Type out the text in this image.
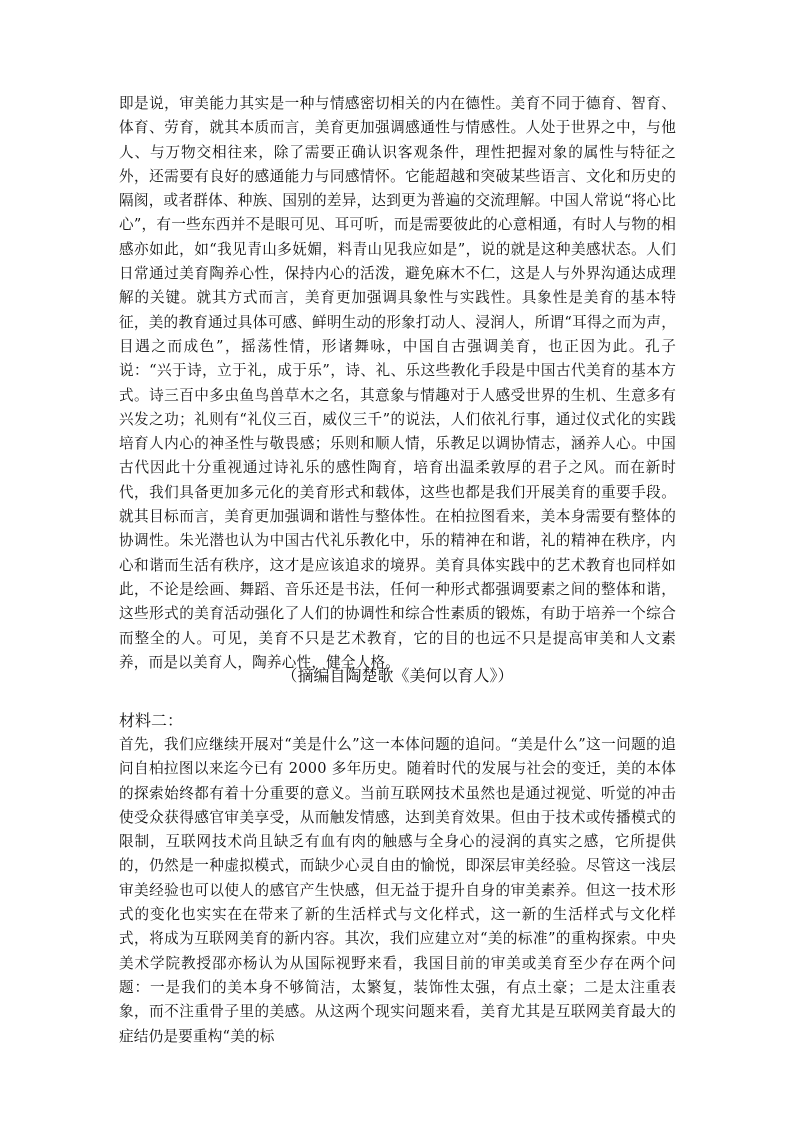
即是说，审美能力其实是一种与情感密切相关的内在德性。美育不同于德育、智育、体育、劳育，就其本质而言，美育更加强调感通性与情感性。人处于世界之中，与他人、与万物交相往来，除了需要正确认识客观条件，理性把握对象的属性与特征之外，还需要有良好的感通能力与同感情怀。它能超越和突破某些语言、文化和历史的隔阂，或者群体、种族、国别的差异，达到更为普遍的交流理解。中国人常说“将心比心”，有一些东西并不是眼可见、耳可听，而是需要彼此的心意相通，有时人与物的相感亦如此，如“我见青山多妩媚，料青山见我应如是”，说的就是这种美感状态。人们日常通过美育陶养心性，保持内心的活泼，避免麻木不仁，这是人与外界沟通达成理解的关键。就其方式而言，美育更加强调具象性与实践性。具象性是美育的基本特征，美的教育通过具体可感、鲜明生动的形象打动人、浸润人，所谓“耳得之而为声，目遇之而成色”，摇荡性情，形诸舞咏，中国自古强调美育，也正因为此。孔子说：“兴于诗，立于礼，成于乐”，诗、礼、乐这些教化手段是中国古代美育的基本方式。诗三百中多虫鱼鸟兽草木之名，其意象与情趣对于人感受世界的生机、生意多有兴发之功；礼则有“礼仪三百，威仪三千”的说法，人们依礼行事，通过仪式化的实践培育人内心的神圣性与敬畏感；乐则和顺人情，乐教足以调协情志，涵养人心。中国古代因此十分重视通过诗礼乐的感性陶育，培育出温柔敦厚的君子之风。而在新时代，我们具备更加多元化的美育形式和载体，这些也都是我们开展美育的重要手段。就其目标而言，美育更加强调和谐性与整体性。在柏拉图看来，美本身需要有整体的协调性。朱光潜也认为中国古代礼乐教化中，乐的精神在和谐，礼的精神在秩序，内心和谐而生活有秩序，这才是应该追求的境界。美育具体实践中的艺术教育也同样如此，不论是绘画、舞蹈、音乐还是书法，任何一种形式都强调要素之间的整体和谐，这些形式的美育活动强化了人们的协调性和综合性素质的锻炼，有助于培养一个综合而整全的人。可见，美育不只是艺术教育，它的目的也远不只是提高审美和人文素养，而是以美育人，陶养心性，健全人格。

（摘编自陶楚歌《美何以育人》）

材料二：

首先，我们应继续开展对“美是什么”这一本体问题的追问。“美是什么”这一问题的追问自柏拉图以来迄今已有 2000 多年历史。随着时代的发展与社会的变迁，美的本体的探索始终都有着十分重要的意义。当前互联网技术虽然也是通过视觉、听觉的冲击使受众获得感官审美享受，从而触发情感，达到美育效果。但由于技术或传播模式的限制，互联网技术尚且缺乏有血有肉的触感与全身心的浸润的真实之感，它所提供的，仍然是一种虚拟模式，而缺少心灵自由的愉悦，即深层审美经验。尽管这一浅层审美经验也可以使人的感官产生快感，但无益于提升自身的审美素养。但这一技术形式的变化也实实在在带来了新的生活样式与文化样式，这一新的生活样式与文化样式，将成为互联网美育的新内容。其次，我们应建立对“美的标准”的重构探索。中央美术学院教授邵亦杨认为从国际视野来看，我国目前的审美或美育至少存在两个问题：一是我们的美本身不够简洁，太繁复，装饰性太强，有点土豪；二是太注重表象，而不注重骨子里的美感。从这两个现实问题来看，美育尤其是互联网美育最大的症结仍是要重构“美的标
